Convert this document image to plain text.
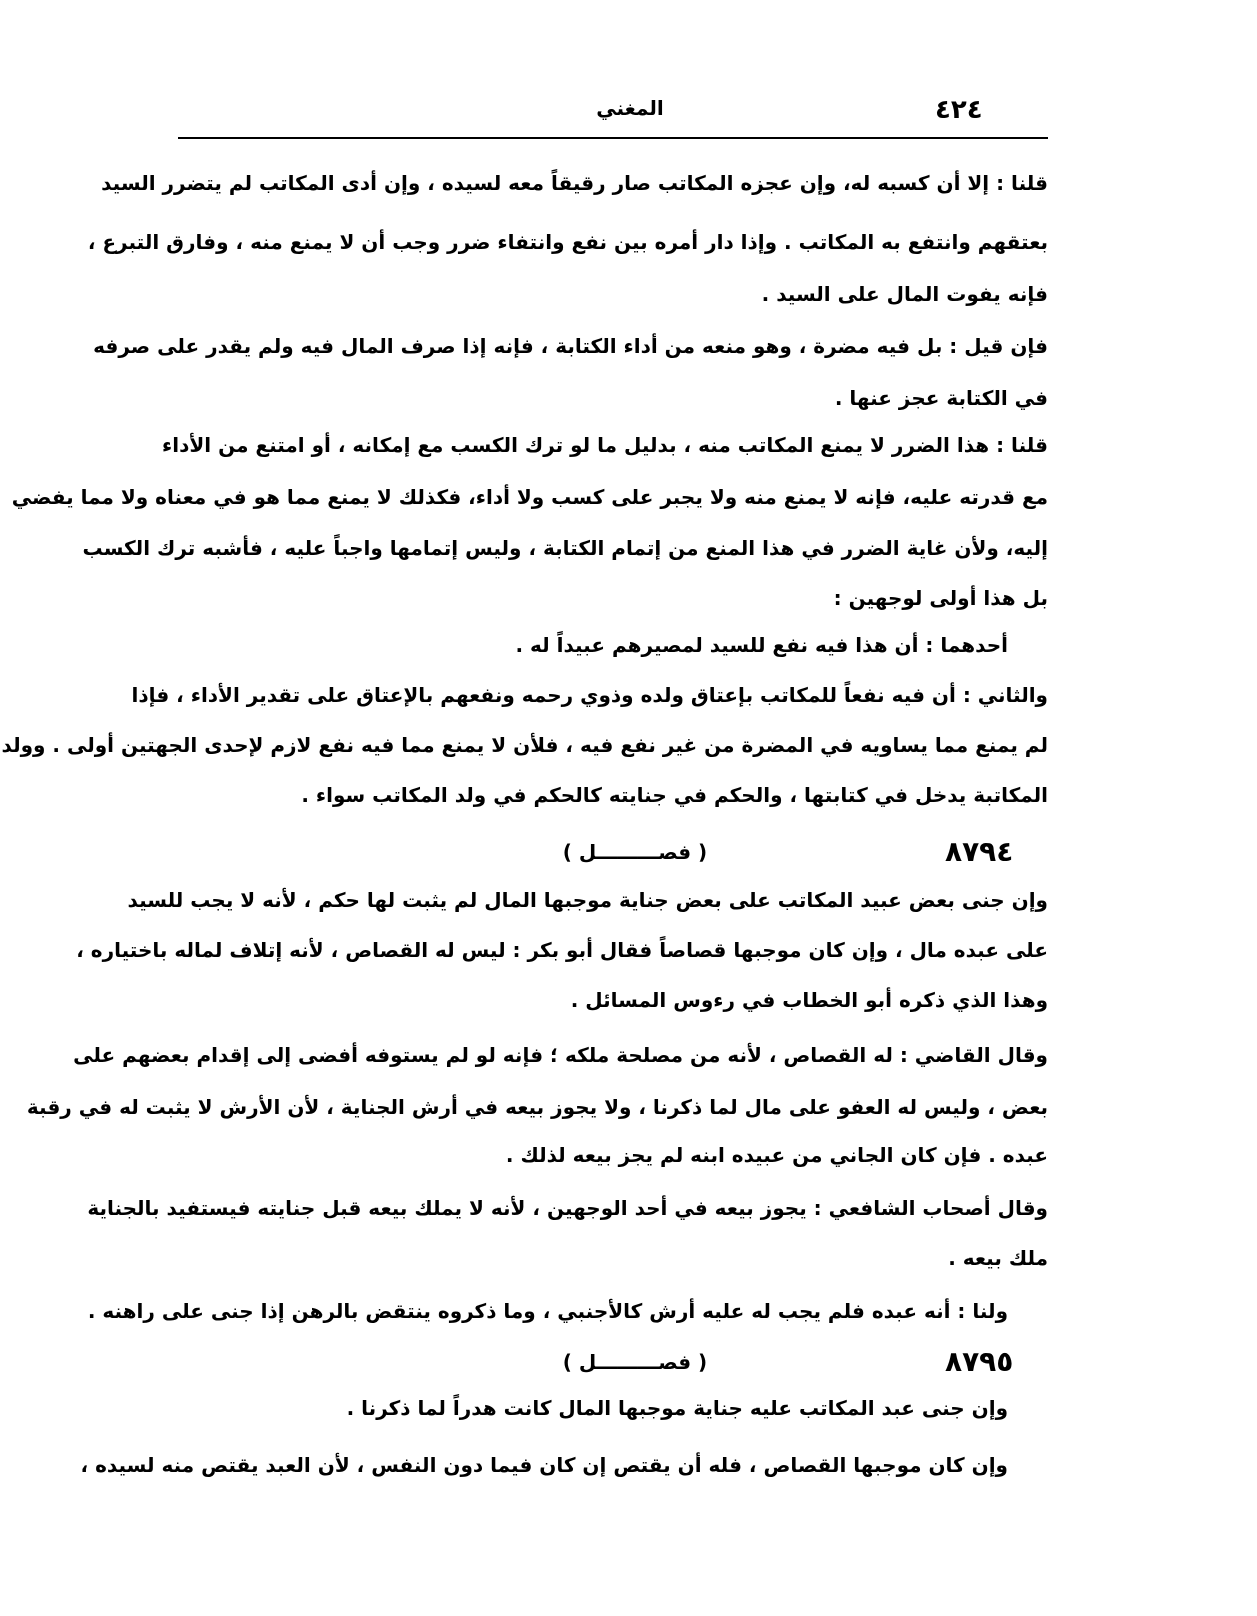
٤٢٤
المغني
قلنا : إلا أن كسبه له، وإن عجزه المكاتب صار رقيقاً معه لسيده ، وإن أدى المكاتب لم يتضرر السيد
بعتقهم وانتفع به المكاتب . وإذا دار أمره بين نفع وانتفاء ضرر وجب أن لا يمنع منه ، وفارق التبرع ،
فإنه يفوت المال على السيد .
فإن قيل : بل فيه مضرة ، وهو منعه من أداء الكتابة ، فإنه إذا صرف المال فيه ولم يقدر على صرفه
في الكتابة عجز عنها .
قلنا : هذا الضرر لا يمنع المكاتب منه ، بدليل ما لو ترك الكسب مع إمكانه ، أو امتنع من الأداء
مع قدرته عليه، فإنه لا يمنع منه ولا يجبر على كسب ولا أداء، فكذلك لا يمنع مما هو في معناه ولا مما يفضي
إليه، ولأن غاية الضرر في هذا المنع من إتمام الكتابة ، وليس إتمامها واجباً عليه ، فأشبه ترك الكسب
بل هذا أولى لوجهين :
أحدهما : أن هذا فيه نفع للسيد لمصيرهم عبيداً له .
والثاني : أن فيه نفعاً للمكاتب بإعتاق ولده وذوي رحمه ونفعهم بالإعتاق على تقدير الأداء ، فإذا
لم يمنع مما يساويه في المضرة من غير نفع فيه ، فلأن لا يمنع مما فيه نفع لازم لإحدى الجهتين أولى . وولد
المكاتبة يدخل في كتابتها ، والحكم في جنايته كالحكم في ولد المكاتب سواء .
٨٧٩٤
( فصـــــــــل )
وإن جنى بعض عبيد المكاتب على بعض جناية موجبها المال لم يثبت لها حكم ، لأنه لا يجب للسيد
على عبده مال ، وإن كان موجبها قصاصاً فقال أبو بكر : ليس له القصاص ، لأنه إتلاف لماله باختياره ،
وهذا الذي ذكره أبو الخطاب في رءوس المسائل .
وقال القاضي : له القصاص ، لأنه من مصلحة ملكه ؛ فإنه لو لم يستوفه أفضى إلى إقدام بعضهم على
بعض ، وليس له العفو على مال لما ذكرنا ، ولا يجوز بيعه في أرش الجناية ، لأن الأرش لا يثبت له في رقبة
عبده . فإن كان الجاني من عبيده ابنه لم يجز بيعه لذلك .
وقال أصحاب الشافعي : يجوز بيعه في أحد الوجهين ، لأنه لا يملك بيعه قبل جنايته فيستفيد بالجناية
ملك بيعه .
ولنا : أنه عبده فلم يجب له عليه أرش كالأجنبي ، وما ذكروه ينتقض بالرهن إذا جنى على راهنه .
٨٧٩٥
( فصـــــــــل )
وإن جنى عبد المكاتب عليه جناية موجبها المال كانت هدراً لما ذكرنا .
وإن كان موجبها القصاص ، فله أن يقتص إن كان فيما دون النفس ، لأن العبد يقتص منه لسيده ،
